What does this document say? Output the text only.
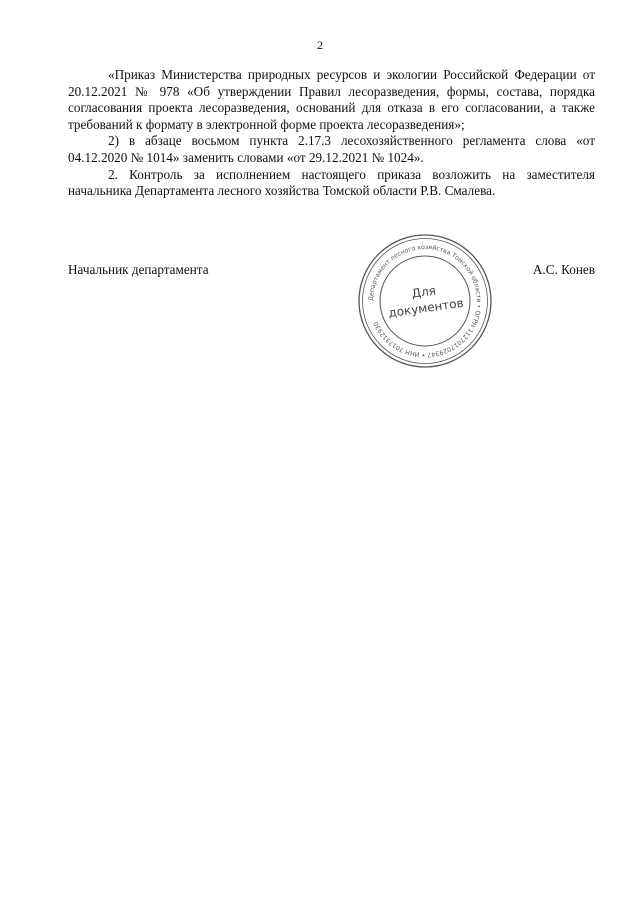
2

«Приказ Министерства природных ресурсов и экологии Российской Федерации от 20.12.2021 № 978 «Об утверждении Правил лесоразведения, формы, состава, порядка согласования проекта лесоразведения, оснований для отказа в его согласовании, а также требований к формату в электронной форме проекта лесоразведения»;

2) в абзаце восьмом пункта 2.17.3 лесохозяйственного регламента слова «от 04.12.2020 № 1014» заменить словами «от 29.12.2021 № 1024».

2. Контроль за исполнением настоящего приказа возложить на заместителя начальника Департамента лесного хозяйства Томской области Р.В. Смалева.

Начальник департамента	А.С. Конев
Департамент лесного хозяйства Томской области • ОГРН 1127017029347 • ИНН 7017312930
Для
документов
